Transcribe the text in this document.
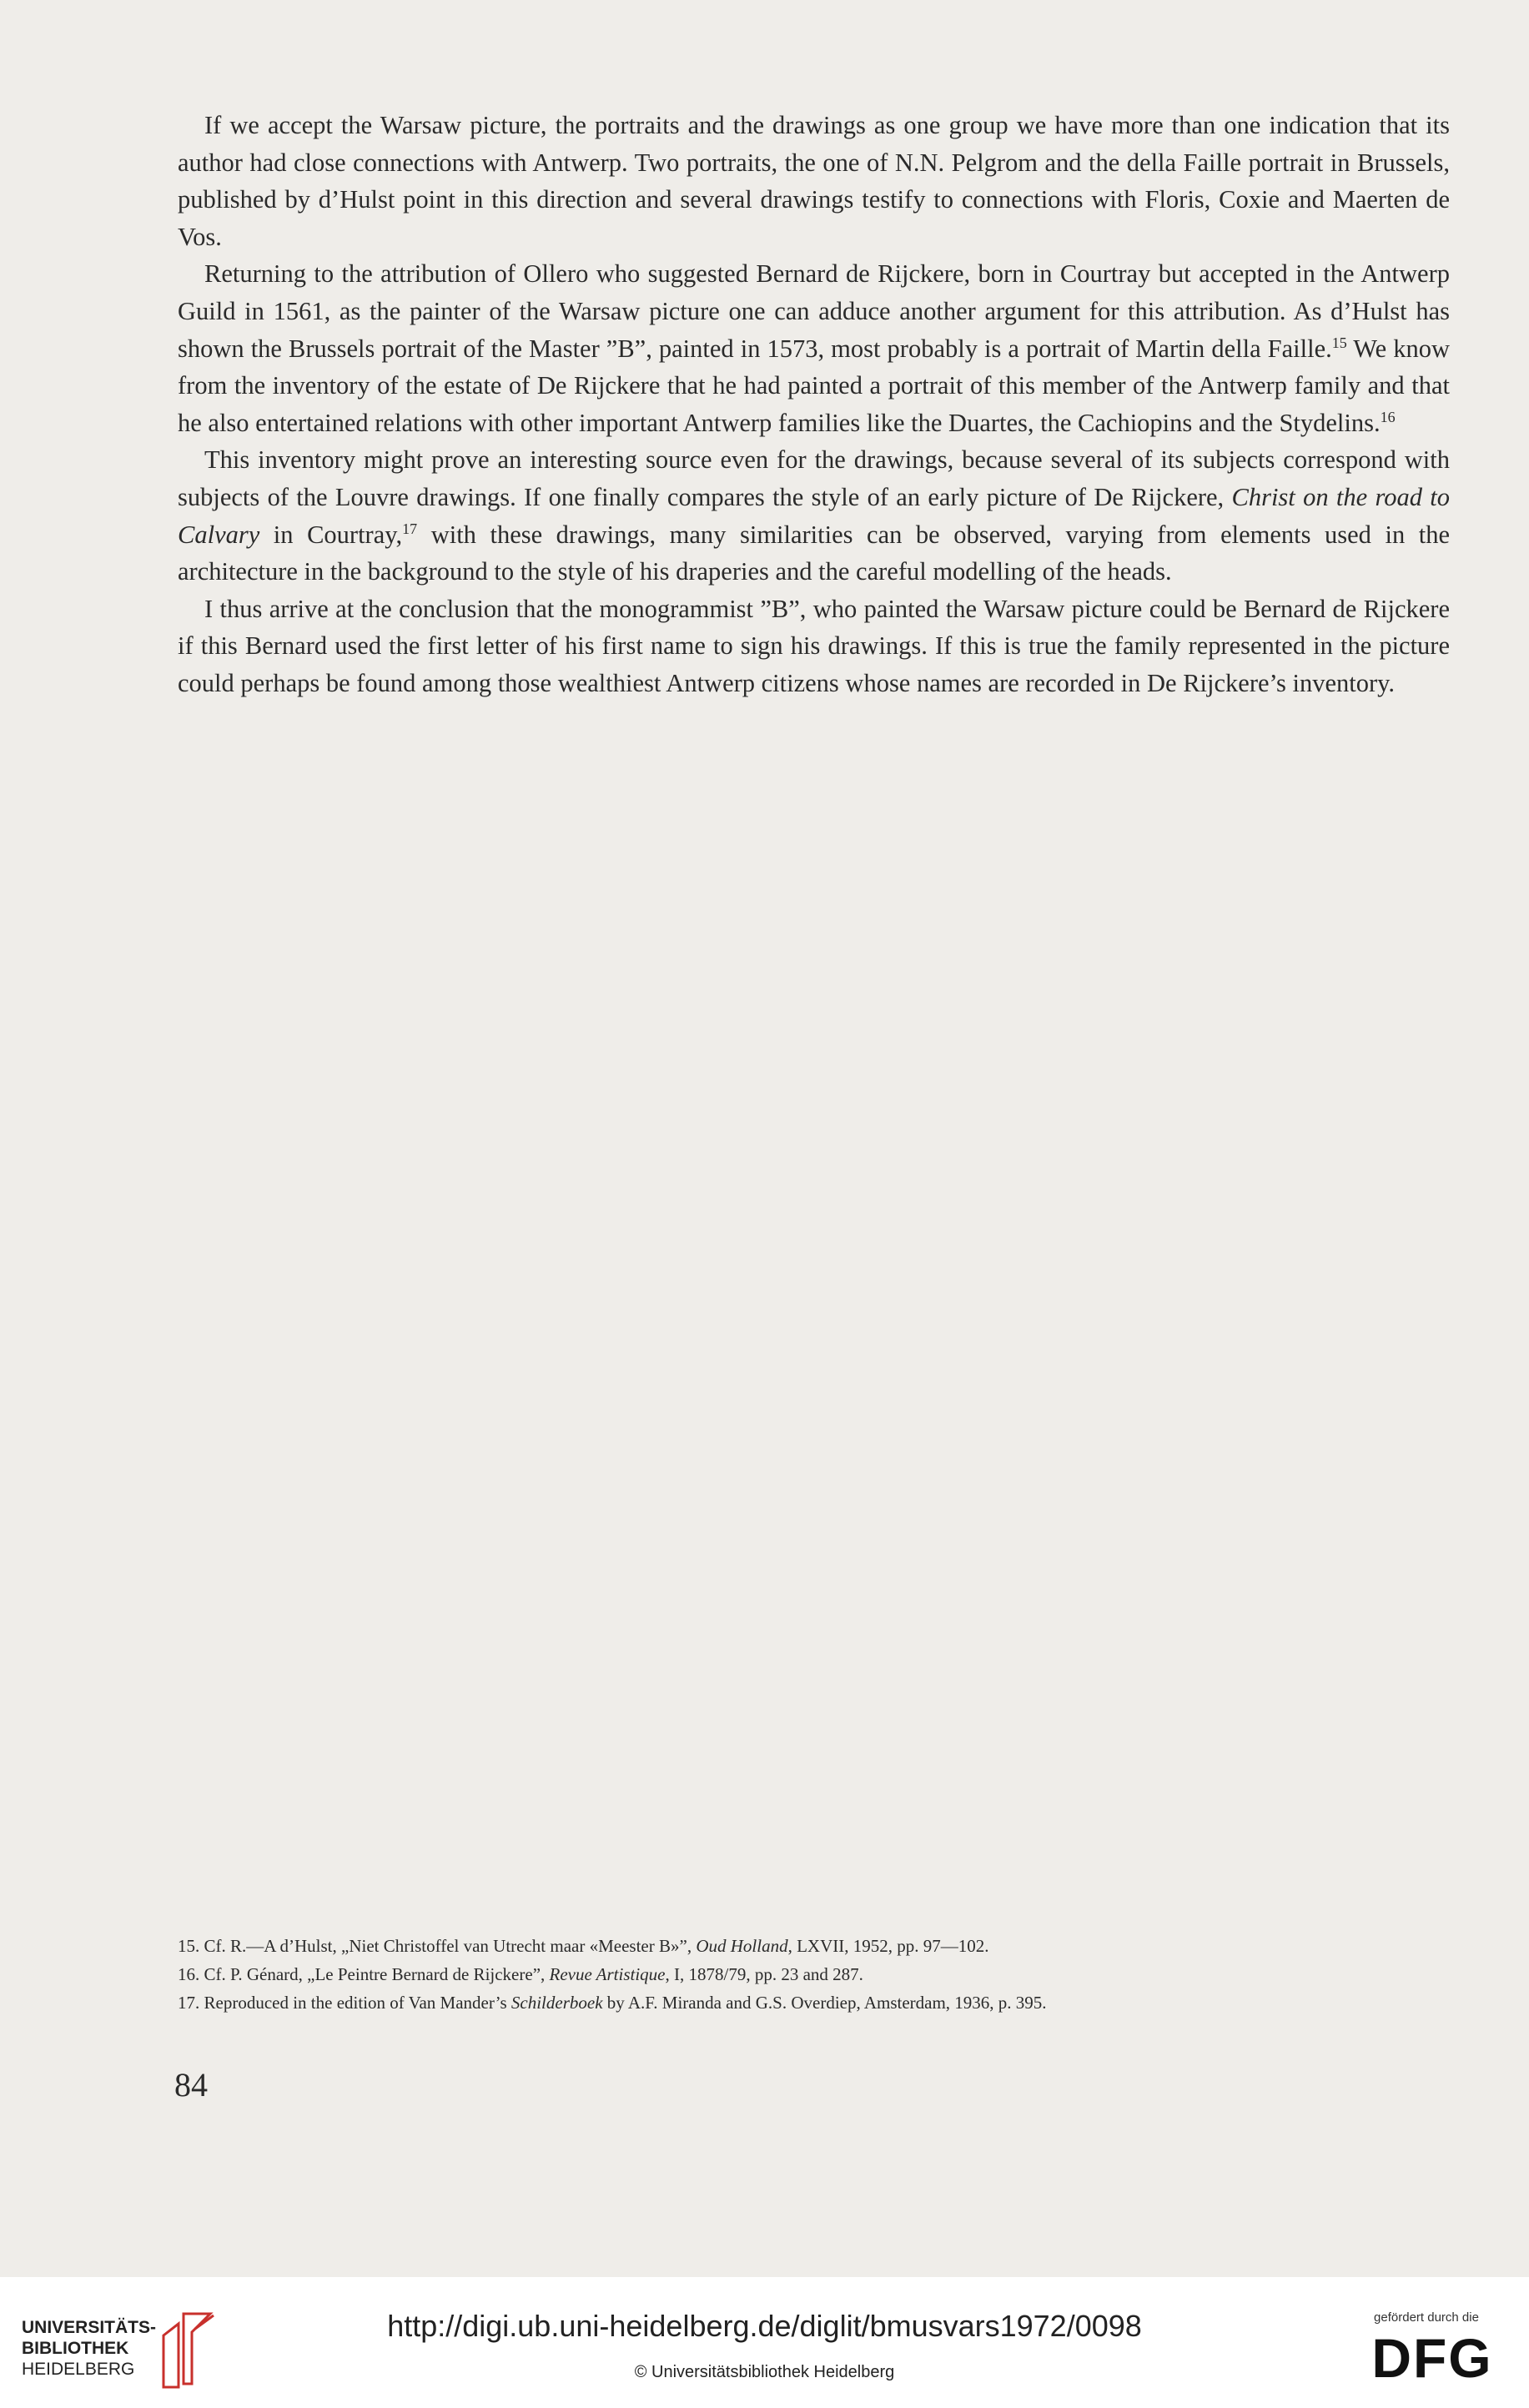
If we accept the Warsaw picture, the portraits and the drawings as one group we have more than one indication that its author had close connections with Antwerp. Two portraits, the one of N.N. Pelgrom and the della Faille portrait in Brussels, published by d’Hulst point in this direction and several drawings testify to connections with Floris, Coxie and Maerten de Vos.

Returning to the attribution of Ollero who suggested Bernard de Rijckere, born in Courtray but accepted in the Antwerp Guild in 1561, as the painter of the Warsaw picture one can adduce another argument for this attribution. As d’Hulst has shown the Brussels portrait of the Master ”B”, painted in 1573, most probably is a portrait of Martin della Faille.$^{15}$ We know from the inventory of the estate of De Rijckere that he had painted a portrait of this member of the Antwerp family and that he also entertained relations with other important Antwerp families like the Duartes, the Cachiopins and the Stydelins.$^{16}$

This inventory might prove an interesting source even for the drawings, because several of its subjects correspond with subjects of the Louvre drawings. If one finally compares the style of an early picture of De Rijckere, Christ on the road to Calvary in Courtray,$^{17}$ with these drawings, many similarities can be observed, varying from elements used in the architecture in the background to the style of his draperies and the careful modelling of the heads.

I thus arrive at the conclusion that the monogrammist ”B”, who painted the Warsaw picture could be Bernard de Rijckere if this Bernard used the first letter of his first name to sign his drawings. If this is true the family represented in the picture could perhaps be found among those wealthiest Antwerp citizens whose names are recorded in De Rijckere’s inventory.

15. Cf. R.—A d’Hulst, „Niet Christoffel van Utrecht maar «Meester B»”, Oud Holland, LXVII, 1952, pp. 97—102.

16. Cf. P. Génard, „Le Peintre Bernard de Rijckere”, Revue Artistique, I, 1878/79, pp. 23 and 287.

17. Reproduced in the edition of Van Mander’s Schilderboek by A.F. Miranda and G.S. Overdiep, Amsterdam, 1936, p. 395.

84
UNIVERSITÄTS-
BIBLIOTHEK
HEIDELBERG
http://digi.ub.uni-heidelberg.de/diglit/bmusvars1972/0098
© Universitätsbibliothek Heidelberg
gefördert durch die
DFG
